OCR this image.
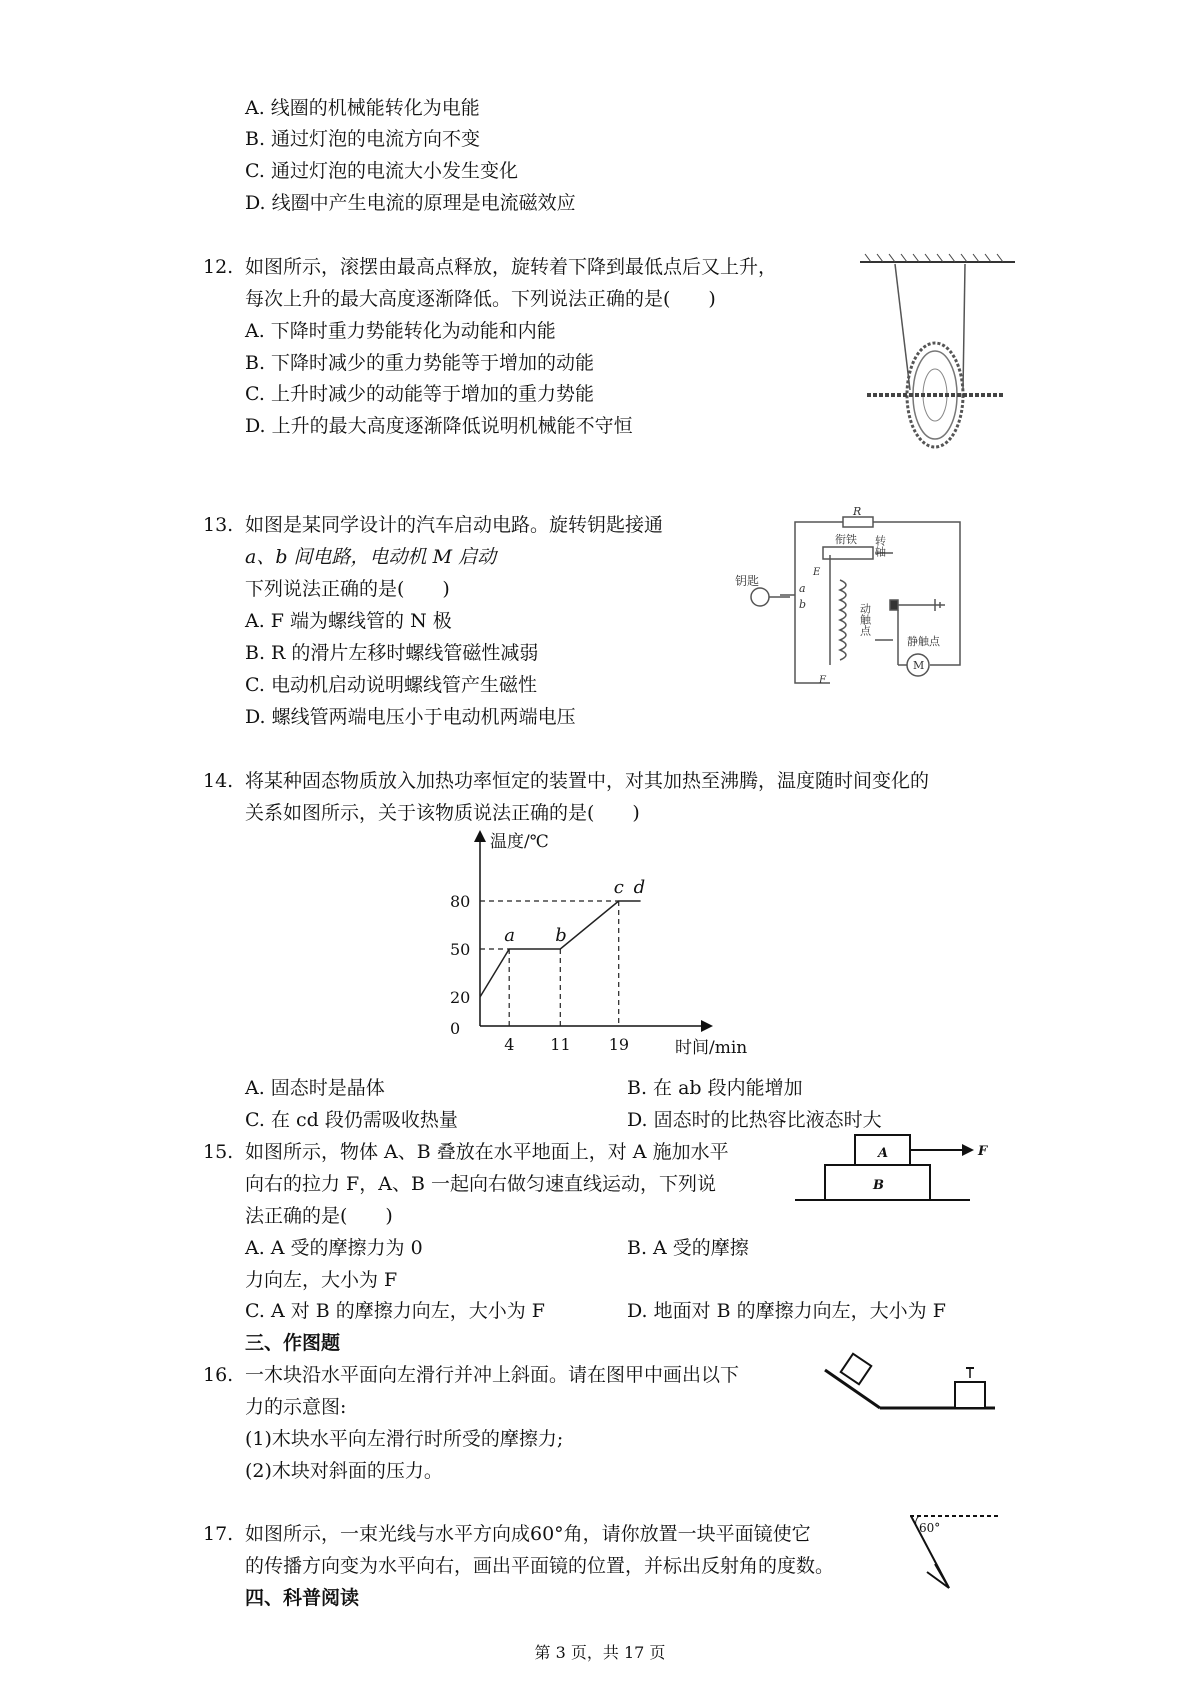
A. 线圈的机械能转化为电能
B. 通过灯泡的电流方向不变
C. 通过灯泡的电流大小发生变化
D. 线圈中产生电流的原理是电流磁效应
12. 如图所示，滚摆由最高点释放，旋转着下降到最低点后又上升，
每次上升的最大高度逐渐降低。下列说法正确的是(　　)
A. 下降时重力势能转化为动能和内能
B. 下降时减少的重力势能等于增加的动能
C. 上升时减少的动能等于增加的重力势能
D. 上升的最大高度逐渐降低说明机械能不守恒
13. 如图是某同学设计的汽车启动电路。旋转钥匙接通
a、b 间电路，电动机 M 启动
下列说法正确的是(　　)
A. F 端为螺线管的 N 极
B. R 的滑片左移时螺线管磁性减弱
C. 电动机启动说明螺线管产生磁性
D. 螺线管两端电压小于电动机两端电压
R
钥匙
a
b
衔铁
E
F
转轴
动触点
静触点
M
14. 将某种固态物质放入加热功率恒定的装置中，对其加热至沸腾，温度随时间变化的
关系如图所示，关于该物质说法正确的是(　　)
温度/℃
时间/min
0
20
50
80
4 11 19
a b
c d
A. 固态时是晶体	B. 在 ab 段内能增加
C. 在 cd 段仍需吸收热量	D. 固态时的比热容比液态时大
15. 如图所示，物体 A、B 叠放在水平地面上，对 A 施加水平
向右的拉力 F，A、B 一起向右做匀速直线运动，下列说
法正确的是(　　)
A. A 受的摩擦力为 0	B. A 受的摩擦
力向左，大小为 F
C. A 对 B 的摩擦力向左，大小为 F	D. 地面对 B 的摩擦力向左，大小为 F
A
B
F
三、作图题
16. 一木块沿水平面向左滑行并冲上斜面。请在图甲中画出以下
力的示意图:
(1)木块水平向左滑行时所受的摩擦力;
(2)木块对斜面的压力。
17. 如图所示，一束光线与水平方向成60°角，请你放置一块平面镜使它
的传播方向变为水平向右，画出平面镜的位置，并标出反射角的度数。
60°
四、科普阅读
第 3 页，共 17 页
